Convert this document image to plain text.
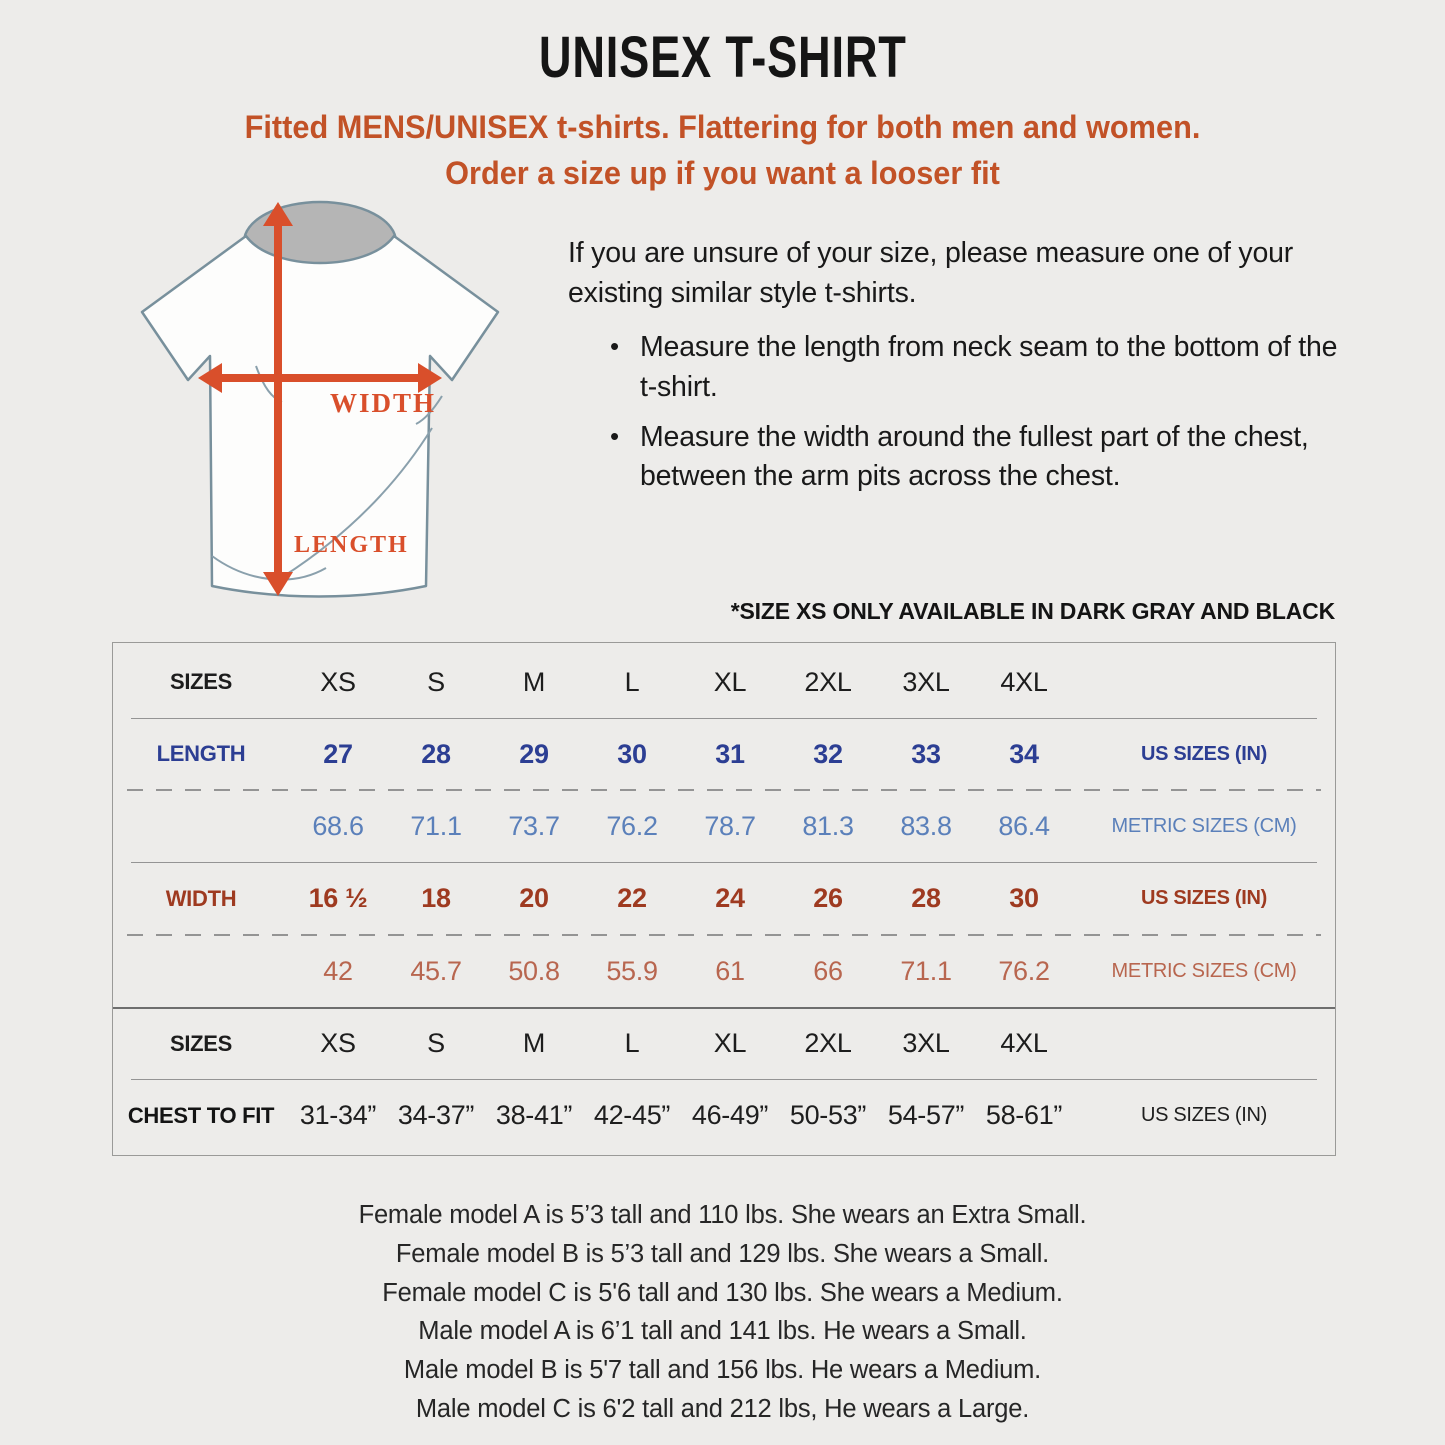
UNISEX T-SHIRT
Fitted MENS/UNISEX t-shirts. Flattering for both men and women.
Order a size up if you want a looser fit
WIDTH
LENGTH
If you are unsure of your size, please measure one of your existing similar style t-shirts.
• Measure the length from neck seam to the bottom of the t-shirt.
• Measure the width around the fullest part of the chest, between the arm pits across the chest.
*SIZE XS ONLY AVAILABLE IN DARK GRAY AND BLACK
SIZES	XS	S	M	L	XL	2XL	3XL	4XL
LENGTH	27	28	29	30	31	32	33	34	US SIZES (IN)
68.6	71.1	73.7	76.2	78.7	81.3	83.8	86.4	METRIC SIZES (CM)
WIDTH	16 ½	18	20	22	24	26	28	30	US SIZES (IN)
42	45.7	50.8	55.9	61	66	71.1	76.2	METRIC SIZES (CM)
SIZES	XS	S	M	L	XL	2XL	3XL	4XL
CHEST TO FIT 31-34” 34-37” 38-41” 42-45” 46-49” 50-53” 54-57” 58-61”	US SIZES (IN)
Female model A is 5’3 tall and 110 lbs. She wears an Extra Small.
Female model B is 5’3 tall and 129 lbs. She wears a Small.
Female model C is 5'6 tall and 130 lbs. She wears a Medium.
Male model A is 6’1 tall and 141 lbs. He wears a Small.
Male model B is 5'7 tall and 156 lbs. He wears a Medium.
Male model C is 6'2 tall and 212 lbs, He wears a Large.
